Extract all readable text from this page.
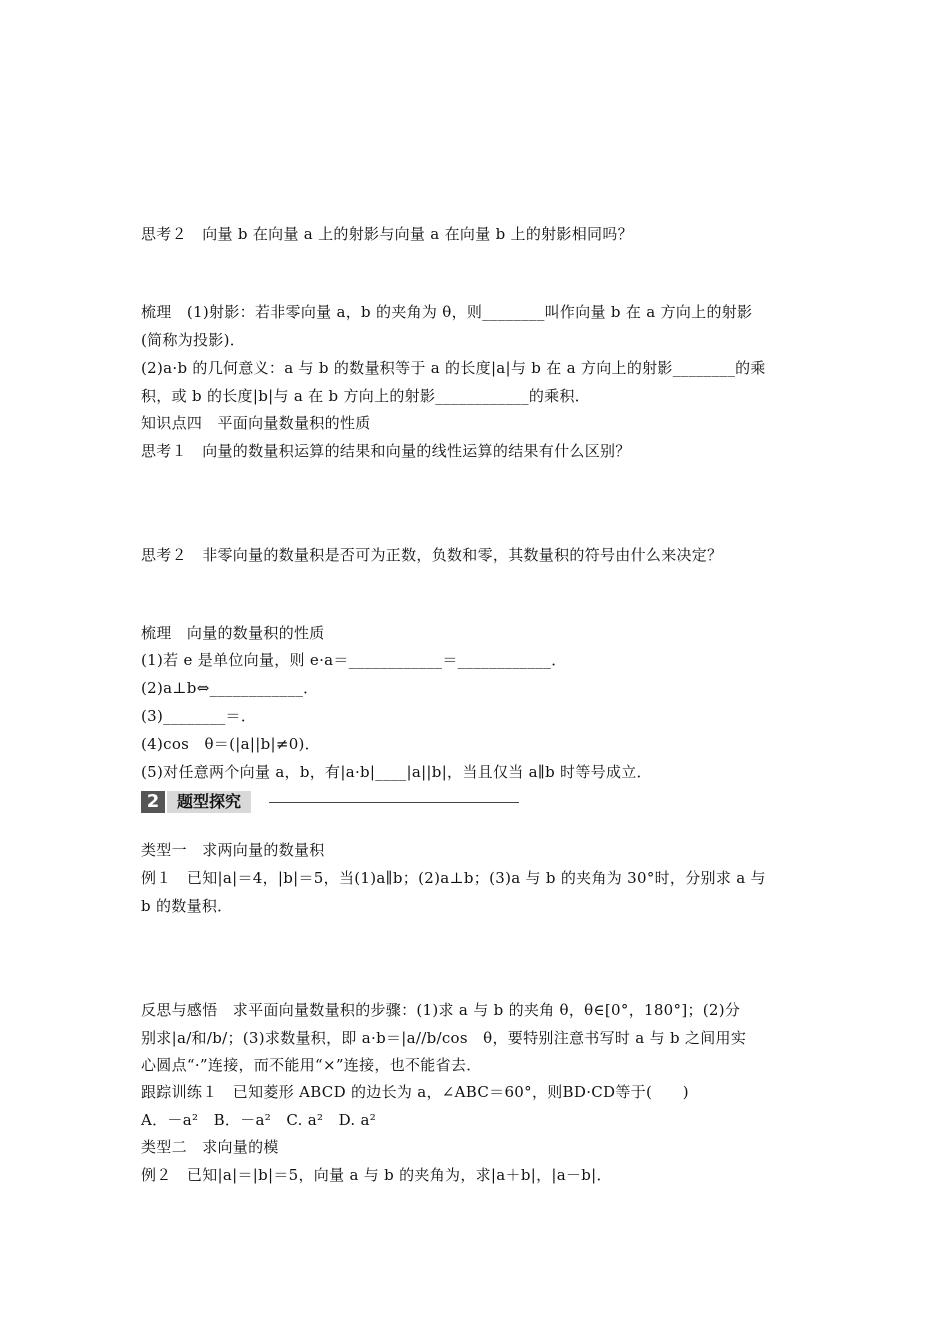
思考２　向量 b 在向量 a 上的射影与向量 a 在向量 b 上的射影相同吗？
梳理　(1)射影：若非零向量 a，b 的夹角为 θ，则________叫作向量 b 在 a 方向上的射影
(简称为投影)．
(2)a·b 的几何意义：a 与 b 的数量积等于 a 的长度|a|与 b 在 a 方向上的射影________的乘
积，或 b 的长度|b|与 a 在 b 方向上的射影____________的乘积．
知识点四　平面向量数量积的性质
思考１　向量的数量积运算的结果和向量的线性运算的结果有什么区别？
思考２　非零向量的数量积是否可为正数，负数和零，其数量积的符号由什么来决定？
梳理　向量的数量积的性质
(1)若 e 是单位向量，则 e·a＝____________＝____________．
(2)a⊥b⇔____________．
(3)________＝．
(4)cos　θ＝(|a||b|≠0)．
(5)对任意两个向量 a，b，有|a·b|____|a||b|，当且仅当 a∥b 时等号成立．
2	题型探究
类型一　求两向量的数量积
例１　已知|a|＝4，|b|＝5，当(1)a∥b；(2)a⊥b；(3)a 与 b 的夹角为 30°时，分别求 a 与
b 的数量积．
反思与感悟　求平面向量数量积的步骤：(1)求 a 与 b 的夹角 θ，θ∈[0°，180°]；(2)分
别求|a/和/b/；(3)求数量积，即 a·b＝|a//b/cos　θ，要特别注意书写时 a 与 b 之间用实
心圆点“·”连接，而不能用“×”连接，也不能省去．
跟踪训练１　已知菱形 ABCD 的边长为 a，∠ABC＝60°，则BD·CD等于(　　)
A．－a²　B．－a²　C. a²　D. a²
类型二　求向量的模
例２　已知|a|＝|b|＝5，向量 a 与 b 的夹角为，求|a＋b|，|a－b|．
